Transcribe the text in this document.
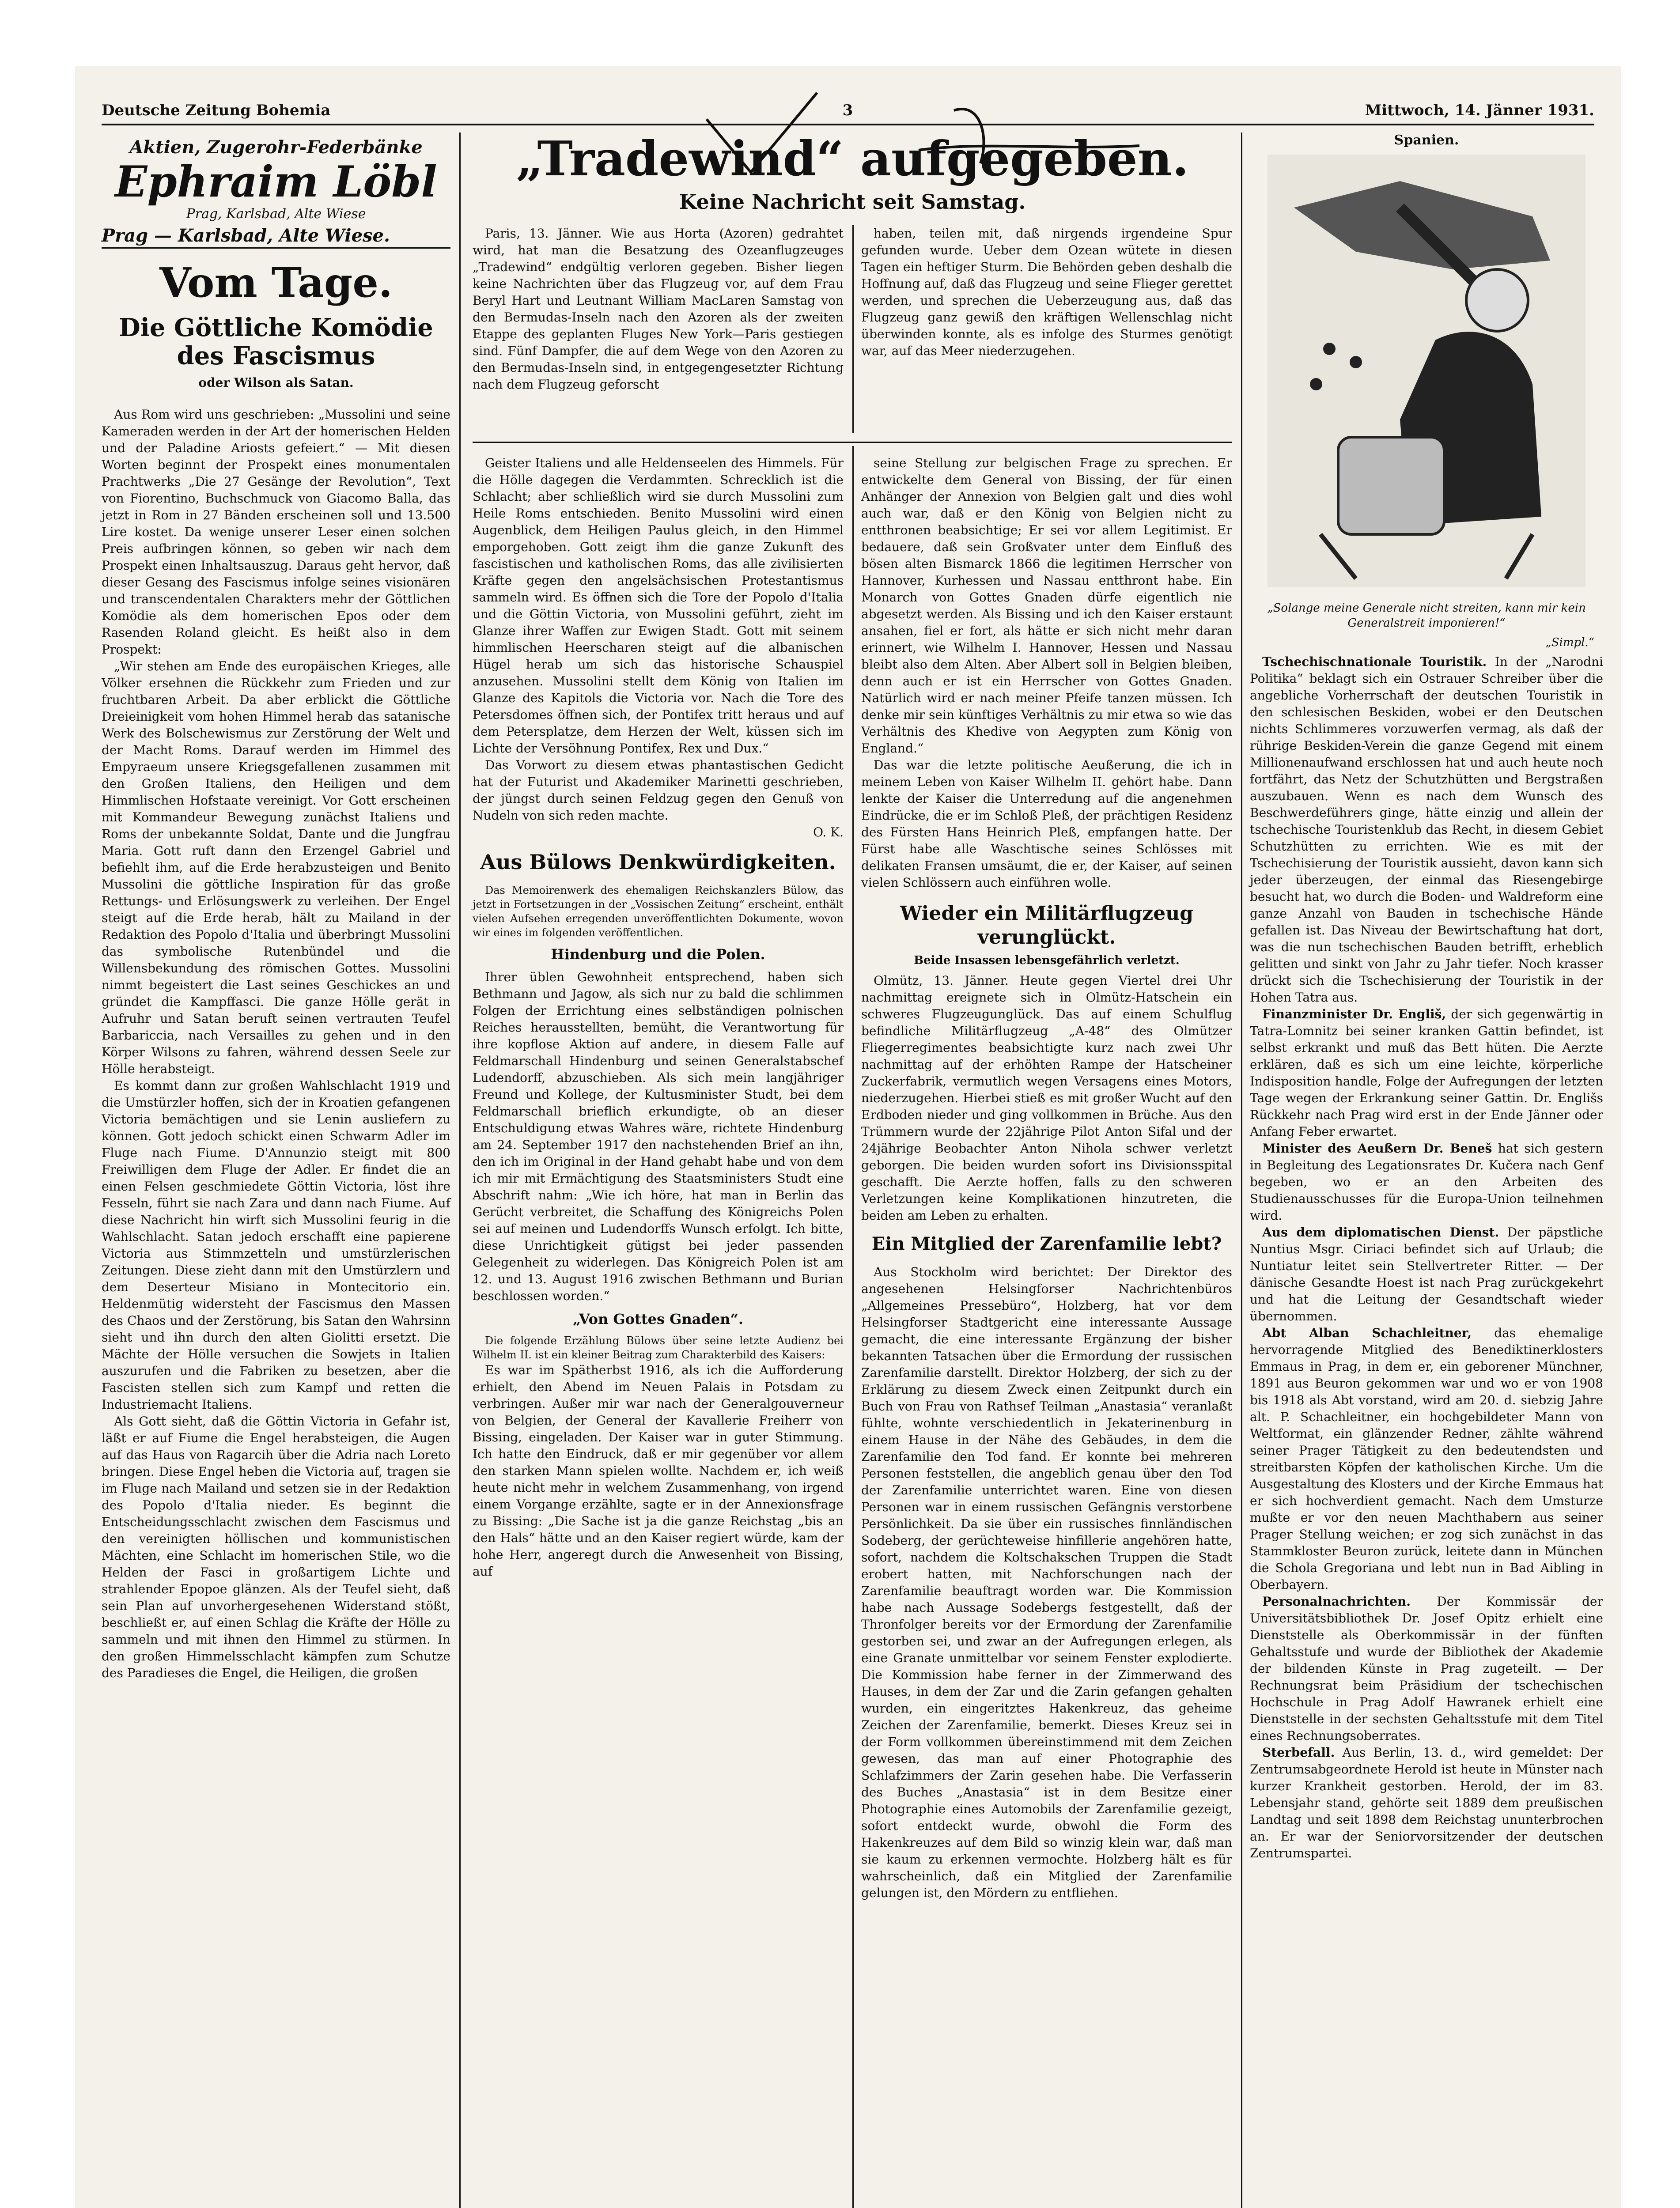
Deutsche Zeitung Bohemia	3	Mittwoch, 14. Jänner 1931.
Aktien, Zugerohr-Federbänke
Ephraim Löbl
Prag, Karlsbad, Alte Wiese
Prag — Karlsbad, Alte Wiese.
Vom Tage.
Die Göttliche Komödie des Fascismus
oder Wilson als Satan.

Aus Rom wird uns geschrieben: „Mussolini und seine Kameraden werden in der Art der homerischen Helden und der Paladine Ariosts gefeiert.“ — Mit diesen Worten beginnt der Prospekt eines monumentalen Prachtwerks „Die 27 Gesänge der Revolution“, Text von Fiorentino, Buchschmuck von Giacomo Balla, das jetzt in Rom in 27 Bänden erscheinen soll und 13.500 Lire kostet. Da wenige unserer Leser einen solchen Preis aufbringen können, so geben wir nach dem Prospekt einen Inhaltsauszug. Daraus geht hervor, daß dieser Gesang des Fascismus infolge seines visionären und transcendentalen Charakters mehr der Göttlichen Komödie als dem homerischen Epos oder dem Rasenden Roland gleicht. Es heißt also in dem Prospekt:

„Wir stehen am Ende des europäischen Krieges, alle Völker ersehnen die Rückkehr zum Frieden und zur fruchtbaren Arbeit. Da aber erblickt die Göttliche Dreieinigkeit vom hohen Himmel herab das satanische Werk des Bolschewismus zur Zerstörung der Welt und der Macht Roms. Darauf werden im Himmel des Empyraeum unsere Kriegsgefallenen zusammen mit den Großen Italiens, den Heiligen und dem Himmlischen Hofstaate vereinigt. Vor Gott erscheinen mit Kommandeur Bewegung zunächst Italiens und Roms der unbekannte Soldat, Dante und die Jungfrau Maria. Gott ruft dann den Erzengel Gabriel und befiehlt ihm, auf die Erde herabzusteigen und Benito Mussolini die göttliche Inspiration für das große Rettungs- und Erlösungswerk zu verleihen. Der Engel steigt auf die Erde herab, hält zu Mailand in der Redaktion des Popolo d'Italia und überbringt Mussolini das symbolische Rutenbündel und die Willensbekundung des römischen Gottes. Mussolini nimmt begeistert die Last seines Geschickes an und gründet die Kampffasci. Die ganze Hölle gerät in Aufruhr und Satan beruft seinen vertrauten Teufel Barbariccia, nach Versailles zu gehen und in den Körper Wilsons zu fahren, während dessen Seele zur Hölle herabsteigt.

Es kommt dann zur großen Wahlschlacht 1919 und die Umstürzler hoffen, sich der in Kroatien gefangenen Victoria bemächtigen und sie Lenin ausliefern zu können. Gott jedoch schickt einen Schwarm Adler im Fluge nach Fiume. D'Annunzio steigt mit 800 Freiwilligen dem Fluge der Adler. Er findet die an einen Felsen geschmiedete Göttin Victoria, löst ihre Fesseln, führt sie nach Zara und dann nach Fiume. Auf diese Nachricht hin wirft sich Mussolini feurig in die Wahlschlacht. Satan jedoch erschafft eine papierene Victoria aus Stimmzetteln und umstürzlerischen Zeitungen. Diese zieht dann mit den Umstürzlern und dem Deserteur Misiano in Montecitorio ein. Heldenmütig widersteht der Fascismus den Massen des Chaos und der Zerstörung, bis Satan den Wahrsinn sieht und ihn durch den alten Giolitti ersetzt. Die Mächte der Hölle versuchen die Sowjets in Italien auszurufen und die Fabriken zu besetzen, aber die Fascisten stellen sich zum Kampf und retten die Industriemacht Italiens.

Als Gott sieht, daß die Göttin Victoria in Gefahr ist, läßt er auf Fiume die Engel herabsteigen, die Augen auf das Haus von Ragarcih über die Adria nach Loreto bringen. Diese Engel heben die Victoria auf, tragen sie im Fluge nach Mailand und setzen sie in der Redaktion des Popolo d'Italia nieder. Es beginnt die Entscheidungsschlacht zwischen dem Fascismus und den vereinigten höllischen und kommunistischen Mächten, eine Schlacht im homerischen Stile, wo die Helden der Fasci in großartigem Lichte und strahlender Epopoe glänzen. Als der Teufel sieht, daß sein Plan auf unvorhergesehenen Widerstand stößt, beschließt er, auf einen Schlag die Kräfte der Hölle zu sammeln und mit ihnen den Himmel zu stürmen. In den großen Himmelsschlacht kämpfen zum Schutze des Paradieses die Engel, die Heiligen, die großen

„Tradewind“ aufgegeben.
Keine Nachricht seit Samstag.

Paris, 13. Jänner. Wie aus Horta (Azoren) gedrahtet wird, hat man die Besatzung des Ozeanflugzeuges „Tradewind“ endgültig verloren gegeben. Bisher liegen keine Nachrichten über das Flugzeug vor, auf dem Frau Beryl Hart und Leutnant William MacLaren Samstag von den Bermudas-Inseln nach den Azoren als der zweiten Etappe des geplanten Fluges New York—Paris gestiegen sind. Fünf Dampfer, die auf dem Wege von den Azoren zu den Bermudas-Inseln sind, in entgegengesetzter Richtung nach dem Flugzeug geforscht

haben, teilen mit, daß nirgends irgendeine Spur gefunden wurde. Ueber dem Ozean wütete in diesen Tagen ein heftiger Sturm. Die Behörden geben deshalb die Hoffnung auf, daß das Flugzeug und seine Flieger gerettet werden, und sprechen die Ueberzeugung aus, daß das Flugzeug ganz gewiß den kräftigen Wellenschlag nicht überwinden konnte, als es infolge des Sturmes genötigt war, auf das Meer niederzugehen.

Geister Italiens und alle Heldenseelen des Himmels. Für die Hölle dagegen die Verdammten. Schrecklich ist die Schlacht; aber schließlich wird sie durch Mussolini zum Heile Roms entschieden. Benito Mussolini wird einen Augenblick, dem Heiligen Paulus gleich, in den Himmel emporgehoben. Gott zeigt ihm die ganze Zukunft des fascistischen und katholischen Roms, das alle zivilisierten Kräfte gegen den angelsächsischen Protestantismus sammeln wird. Es öffnen sich die Tore der Popolo d'Italia und die Göttin Victoria, von Mussolini geführt, zieht im Glanze ihrer Waffen zur Ewigen Stadt. Gott mit seinem himmlischen Heerscharen steigt auf die albanischen Hügel herab um sich das historische Schauspiel anzusehen. Mussolini stellt dem König von Italien im Glanze des Kapitols die Victoria vor. Nach die Tore des Petersdomes öffnen sich, der Pontifex tritt heraus und auf dem Petersplatze, dem Herzen der Welt, küssen sich im Lichte der Versöhnung Pontifex, Rex und Dux.“

Das Vorwort zu diesem etwas phantastischen Gedicht hat der Futurist und Akademiker Marinetti geschrieben, der jüngst durch seinen Feldzug gegen den Genuß von Nudeln von sich reden machte.

O. K.
Aus Bülows Denkwürdigkeiten.

Das Memoirenwerk des ehemaligen Reichskanzlers Bülow, das jetzt in Fortsetzungen in der „Vossischen Zeitung“ erscheint, enthält vielen Aufsehen erregenden unveröffentlichten Dokumente, wovon wir eines im folgenden veröffentlichen.

Hindenburg und die Polen.

Ihrer üblen Gewohnheit entsprechend, haben sich Bethmann und Jagow, als sich nur zu bald die schlimmen Folgen der Errichtung eines selbständigen polnischen Reiches herausstellten, bemüht, die Verantwortung für ihre kopflose Aktion auf andere, in diesem Falle auf Feldmarschall Hindenburg und seinen Generalstabschef Ludendorff, abzuschieben. Als sich mein langjähriger Freund und Kollege, der Kultusminister Studt, bei dem Feldmarschall brieflich erkundigte, ob an dieser Entschuldigung etwas Wahres wäre, richtete Hindenburg am 24. September 1917 den nachstehenden Brief an ihn, den ich im Original in der Hand gehabt habe und von dem ich mir mit Ermächtigung des Staatsministers Studt eine Abschrift nahm: „Wie ich höre, hat man in Berlin das Gerücht verbreitet, die Schaffung des Königreichs Polen sei auf meinen und Ludendorffs Wunsch erfolgt. Ich bitte, diese Unrichtigkeit gütigst bei jeder passenden Gelegenheit zu widerlegen. Das Königreich Polen ist am 12. und 13. August 1916 zwischen Bethmann und Burian beschlossen worden.“

„Von Gottes Gnaden“.

Die folgende Erzählung Bülows über seine letzte Audienz bei Wilhelm II. ist ein kleiner Beitrag zum Charakterbild des Kaisers:

Es war im Spätherbst 1916, als ich die Aufforderung erhielt, den Abend im Neuen Palais in Potsdam zu verbringen. Außer mir war nach der Generalgouverneur von Belgien, der General der Kavallerie Freiherr von Bissing, eingeladen. Der Kaiser war in guter Stimmung. Ich hatte den Eindruck, daß er mir gegenüber vor allem den starken Mann spielen wollte. Nachdem er, ich weiß heute nicht mehr in welchem Zusammenhang, von irgend einem Vorgange erzählte, sagte er in der Annexionsfrage zu Bissing: „Die Sache ist ja die ganze Reichstag „bis an den Hals“ hätte und an den Kaiser regiert würde, kam der hohe Herr, angeregt durch die Anwesenheit von Bissing, auf

seine Stellung zur belgischen Frage zu sprechen. Er entwickelte dem General von Bissing, der für einen Anhänger der Annexion von Belgien galt und dies wohl auch war, daß er den König von Belgien nicht zu entthronen beabsichtige; Er sei vor allem Legitimist. Er bedauere, daß sein Großvater unter dem Einfluß des bösen alten Bismarck 1866 die legitimen Herrscher von Hannover, Kurhessen und Nassau entthront habe. Ein Monarch von Gottes Gnaden dürfe eigentlich nie abgesetzt werden. Als Bissing und ich den Kaiser erstaunt ansahen, fiel er fort, als hätte er sich nicht mehr daran erinnert, wie Wilhelm I. Hannover, Hessen und Nassau bleibt also dem Alten. Aber Albert soll in Belgien bleiben, denn auch er ist ein Herrscher von Gottes Gnaden. Natürlich wird er nach meiner Pfeife tanzen müssen. Ich denke mir sein künftiges Verhältnis zu mir etwa so wie das Verhältnis des Khedive von Aegypten zum König von England.“

Das war die letzte politische Aeußerung, die ich in meinem Leben von Kaiser Wilhelm II. gehört habe. Dann lenkte der Kaiser die Unterredung auf die angenehmen Eindrücke, die er im Schloß Pleß, der prächtigen Residenz des Fürsten Hans Heinrich Pleß, empfangen hatte. Der Fürst habe alle Waschtische seines Schlösses mit delikaten Fransen umsäumt, die er, der Kaiser, auf seinen vielen Schlössern auch einführen wolle.

Wieder ein Militärflugzeug verunglückt.
Beide Insassen lebensgefährlich verletzt.

Olmütz, 13. Jänner. Heute gegen Viertel drei Uhr nachmittag ereignete sich in Olmütz-Hatschein ein schweres Flugzeugunglück. Das auf einem Schulflug befindliche Militärflugzeug „A-48“ des Olmützer Fliegerregimentes beabsichtigte kurz nach zwei Uhr nachmittag auf der erhöhten Rampe der Hatscheiner Zuckerfabrik, vermutlich wegen Versagens eines Motors, niederzugehen. Hierbei stieß es mit großer Wucht auf den Erdboden nieder und ging vollkommen in Brüche. Aus den Trümmern wurde der 22jährige Pilot Anton Sifal und der 24jährige Beobachter Anton Nihola schwer verletzt geborgen. Die beiden wurden sofort ins Divisionsspital geschafft. Die Aerzte hoffen, falls zu den schweren Verletzungen keine Komplikationen hinzutreten, die beiden am Leben zu erhalten.

Ein Mitglied der Zarenfamilie lebt?

Aus Stockholm wird berichtet: Der Direktor des angesehenen Helsingforser Nachrichtenbüros „Allgemeines Pressebüro“, Holzberg, hat vor dem Helsingforser Stadtgericht eine interessante Aussage gemacht, die eine interessante Ergänzung der bisher bekannten Tatsachen über die Ermordung der russischen Zarenfamilie darstellt. Direktor Holzberg, der sich zu der Erklärung zu diesem Zweck einen Zeitpunkt durch ein Buch von Frau von Rathsef Teilman „Anastasia“ veranlaßt fühlte, wohnte verschiedentlich in Jekaterinenburg in einem Hause in der Nähe des Gebäudes, in dem die Zarenfamilie den Tod fand. Er konnte bei mehreren Personen feststellen, die angeblich genau über den Tod der Zarenfamilie unterrichtet waren. Eine von diesen Personen war in einem russischen Gefängnis verstorbene Persönlichkeit. Da sie über ein russisches finnländischen Sodeberg, der gerüchteweise hinfillerie angehören hatte, sofort, nachdem die Koltschakschen Truppen die Stadt erobert hatten, mit Nachforschungen nach der Zarenfamilie beauftragt worden war. Die Kommission habe nach Aussage Sodebergs festgestellt, daß der Thronfolger bereits vor der Ermordung der Zarenfamilie gestorben sei, und zwar an der Aufregungen erlegen, als eine Granate unmittelbar vor seinem Fenster explodierte. Die Kommission habe ferner in der Zimmerwand des Hauses, in dem der Zar und die Zarin gefangen gehalten wurden, ein eingeritztes Hakenkreuz, das geheime Zeichen der Zarenfamilie, bemerkt. Dieses Kreuz sei in der Form vollkommen übereinstimmend mit dem Zeichen gewesen, das man auf einer Photographie des Schlafzimmers der Zarin gesehen habe. Die Verfasserin des Buches „Anastasia“ ist in dem Besitze einer Photographie eines Automobils der Zarenfamilie gezeigt, sofort entdeckt wurde, obwohl die Form des Hakenkreuzes auf dem Bild so winzig klein war, daß man sie kaum zu erkennen vermochte. Holzberg hält es für wahrscheinlich, daß ein Mitglied der Zarenfamilie gelungen ist, den Mördern zu entfliehen.

Spanien.
„Solange meine Generale nicht streiten, kann mir kein Generalstreit imponieren!“
„Simpl.“

Tschechischnationale Touristik. In der „Narodni Politika“ beklagt sich ein Ostrauer Schreiber über die angebliche Vorherrschaft der deutschen Touristik in den schlesischen Beskiden, wobei er den Deutschen nichts Schlimmeres vorzuwerfen vermag, als daß der rührige Beskiden-Verein die ganze Gegend mit einem Millionenaufwand erschlossen hat und auch heute noch fortfährt, das Netz der Schutzhütten und Bergstraßen auszubauen. Wenn es nach dem Wunsch des Beschwerdeführers ginge, hätte einzig und allein der tschechische Touristenklub das Recht, in diesem Gebiet Schutzhütten zu errichten. Wie es mit der Tschechisierung der Touristik aussieht, davon kann sich jeder überzeugen, der einmal das Riesengebirge besucht hat, wo durch die Boden- und Waldreform eine ganze Anzahl von Bauden in tschechische Hände gefallen ist. Das Niveau der Bewirtschaftung hat dort, was die nun tschechischen Bauden betrifft, erheblich gelitten und sinkt von Jahr zu Jahr tiefer. Noch krasser drückt sich die Tschechisierung der Touristik in der Hohen Tatra aus.

Finanzminister Dr. Engliš, der sich gegenwärtig in Tatra-Lomnitz bei seiner kranken Gattin befindet, ist selbst erkrankt und muß das Bett hüten. Die Aerzte erklären, daß es sich um eine leichte, körperliche Indisposition handle, Folge der Aufregungen der letzten Tage wegen der Erkrankung seiner Gattin. Dr. Englišs Rückkehr nach Prag wird erst in der Ende Jänner oder Anfang Feber erwartet.

Minister des Aeußern Dr. Beneš hat sich gestern in Begleitung des Legationsrates Dr. Kučera nach Genf begeben, wo er an den Arbeiten des Studienausschusses für die Europa-Union teilnehmen wird.

Aus dem diplomatischen Dienst. Der päpstliche Nuntius Msgr. Ciriaci befindet sich auf Urlaub; die Nuntiatur leitet sein Stellvertreter Ritter. — Der dänische Gesandte Hoest ist nach Prag zurückgekehrt und hat die Leitung der Gesandtschaft wieder übernommen.

Abt Alban Schachleitner, das ehemalige hervorragende Mitglied des Benediktinerklosters Emmaus in Prag, in dem er, ein geborener Münchner, 1891 aus Beuron gekommen war und wo er von 1908 bis 1918 als Abt vorstand, wird am 20. d. siebzig Jahre alt. P. Schachleitner, ein hochgebildeter Mann von Weltformat, ein glänzender Redner, zählte während seiner Prager Tätigkeit zu den bedeutendsten und streitbarsten Köpfen der katholischen Kirche. Um die Ausgestaltung des Klosters und der Kirche Emmaus hat er sich hochverdient gemacht. Nach dem Umsturze mußte er vor den neuen Machthabern aus seiner Prager Stellung weichen; er zog sich zunächst in das Stammkloster Beuron zurück, leitete dann in München die Schola Gregoriana und lebt nun in Bad Aibling in Oberbayern.

Personalnachrichten. Der Kommissär der Universitätsbibliothek Dr. Josef Opitz erhielt eine Dienststelle als Oberkommissär in der fünften Gehaltsstufe und wurde der Bibliothek der Akademie der bildenden Künste in Prag zugeteilt. — Der Rechnungsrat beim Präsidium der tschechischen Hochschule in Prag Adolf Hawranek erhielt eine Dienststelle in der sechsten Gehaltsstufe mit dem Titel eines Rechnungsoberrates.

Sterbefall. Aus Berlin, 13. d., wird gemeldet: Der Zentrumsabgeordnete Herold ist heute in Münster nach kurzer Krankheit gestorben. Herold, der im 83. Lebensjahr stand, gehörte seit 1889 dem preußischen Landtag und seit 1898 dem Reichstag ununterbrochen an. Er war der Seniorvorsitzender der deutschen Zentrumspartei.
